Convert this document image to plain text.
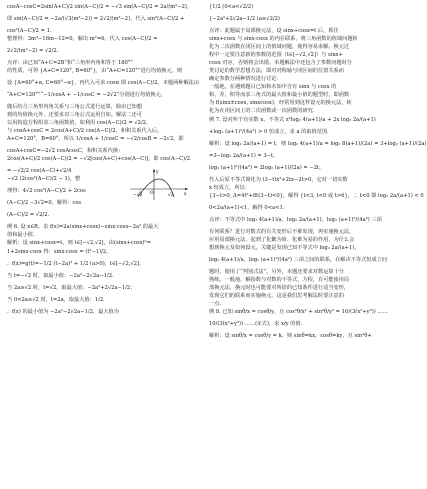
cosA−cosC=2sin(A+C)/2 sin(A−C)/2 = −√3 sin(A−C)/2 = 2a/(m²−2),
即 sin(A−C)/2 = −2a/(√3(m²−2)) = 2√2/(m²−2)，代入 sin²(A−C)/2 +
cos²(A−C)/2 = 1.
整理得：3m⁴−16m−12=0，解出 m²=6，代入 cos(A−C)/2 =
2√2/(m²−2) = √2/2.
点评：由已知“A+C=2B”和“三角形内角和等于 180°”
的性质，可得 {A+C=120°, B=60°}，由“A+C=120°”进行均值换元，则
设 {A=60°+α, C=60°−α}，再代入可求 cosα 即 cos(A−C)/2，本题两种解法由
“A+C=120°”“−1/cosA + −1/cosC = −2√2”分别进行均值换元，
随后结合三角形内角关系与三角公式进行运算，除由已知想
到的均值换元外，还要求对三角公式运用自如。解法二还可
以用构造方程组求三角函数值，如利用 cos(A−C)/2 = √2/2，
与 cosA+cosC = 2cos(A+C)/2 cos(A−C)/2，和积关系代入后，
A+C=120°，B=60°，所以 1/cosA + 1/cosC = −√2/cosB = −2√2，即
cosA+cosC=−2√2 cosAcosC，和积关系代换：
2cos(A+C)/2 cos(A−C)/2 = −√2[cos(A+C)+cos(A−C)]，即 cos(A−C)/2
= −√2/2 cos(A−C)+√2/4
−√2 (2cos²(A−C)/2 − 1)，整
理得：4√2 cos²(A−C)/2 + 2cos
(A−C)/2 −3√2=0，解得：cos
(A−C)/2 = √2/2.
−√2	√2
y
x
O
例 6. 设 x∈R，求 f(x)=2a(sinx+cosx)−sinx·cosx−2a² 的最大
值和最小值.
解析：设 sinx+cosx=t，则 t∈[−√2,√2]，由(sinx+cosx)²=
1+2sinx·cosx 得：sinx·cosx = (t²−1)/2，
∴ f(x)=g(t)=−1/2 (t−2a)² + 1/2 (a>0)，t∈[−√2,√2].
当 t=−√2 时，取最小值：−2a²−2√2a−1/2.
当 2a≥√2 时，t=√2，取最大值：−2a²+2√2a−1/2；
当 0<2a≤√2 时，t=2a，取最大值：1/2.
∴ f(x) 的最小值为 −2a²−2√2a−1/2，最大值为
{1/2 (0<a<√2/2)
{−2a²+2√2a−1/2 (a≥√2/2)
点评：此题属于局部换元法，设 sinx+cosx=t 后，抓住
sinx+cosx 与 sinx·cosx 的内在联系，将三角函数的值域问题转
化为二次函数在闭区间上的值域问题，使得容易求解。换元过
程中一定要注意新的参数的范围（t∈[−√2,√2]）与 sinx+
cosx 对应，否则将会出错。本题解法中还包含了参数问题时分
类讨论的数学思想方法，即对对称轴与闭区间的位置关系而
确定参数分两种情况进行讨论.
一般地，在遇到题目已知和未知中含有 sinx 与 cosx 的
和、差、积等而求三角式的最大值和最小值的题型时，即函数
为 f(sinx±cosx, sinxcosx)，经常用到这样设元的换元法，转
化为在闭区间上的二次函数或一次函数的研究.
例 7. 设对所于有实数 x，不等式 x²log₂ 4(a+1)/a + 2x log₂ 2a/(a+1)
+log₂ (a+1)²/(4a²) > 0 恒成立，求 a 的取值范围.
解析：设 log₂ 2a/(a+1) = t，则 log₂ 4(a+1)/a = log₂ 8(a+1)/(2a) = 3+log₂ (a+1)/(2a)
=3−log₂ 2a/(a+1) = 3−t，
log₂ (a+1)²/(4a²) = 2log₂ (a+1)/(2a) = −2t，
代入后原不等式简化为 (3−t)x²+2tx−2t>0，它对一切实数
x 恒成立，所以：
{3−t>0, Δ=4t²+8t(3−t)<0}，解得 {t<3, t<0 或 t>6}，∴ t<0 即 log₂ 2a/(a+1) < 0
0<2a/(a+1)<1，解得 0<a<1.
点评：不等式中 log₂ 4(a+1)/a、log₂ 2a/(a+1)、log₂ (a+1)²/(4a²) 三项
有何联系？进行对数式的有关变形后不难发现，再实施换元法，
应用局部换元法，起到了化繁为简、化难为易的作用，为什么会
想到换元及如何设元，关键是发现已知不等式中 log₂ 2a/(a+1)，
log₂ 4(a+1)/a，log₂ (a+1)²/(4a²) 三项之间的联系，在解决不等式恒成立问
题时，使用了“判别式法”。另外，本题还要求对数运算十分
熟练。一般地，解指数与对数的不等式、方程，有可能使用局
部换元法，换元时也可能要对所给的已知条件进行适当变形，
发现它们的联系而实施换元，这是我们思考解法时要注意的
一点.
例 8. 已知 sinθ/x = cosθ/y，且 cos²θ/x² + sin²θ/y² = 10/(3(x²+y²)) ……
10/(3(x²+y²)) ……(②式)，求 x/y 的值.
解析：设 sinθ/x = cosθ/y = k，则 sinθ=kx，cosθ=ky，且 sin²θ+
